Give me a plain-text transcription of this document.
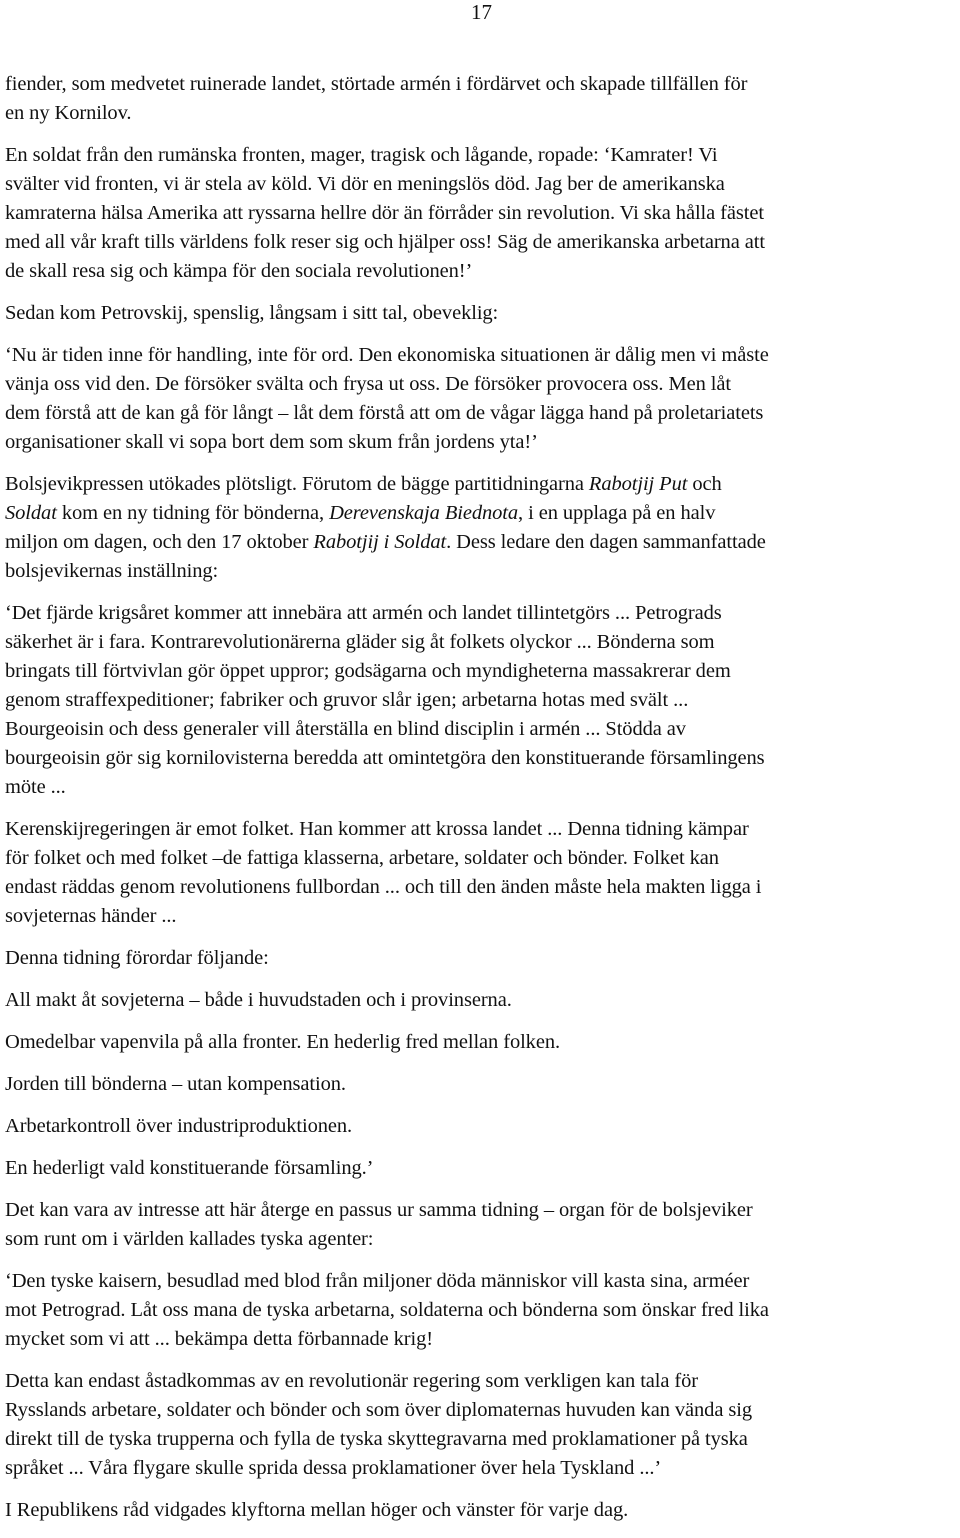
17

fiender, som medvetet ruinerade landet, störtade armén i fördärvet och skapade tillfällen för
en ny Kornilov.

En soldat från den rumänska fronten, mager, tragisk och lågande, ropade: ‘Kamrater! Vi
svälter vid fronten, vi är stela av köld. Vi dör en meningslös död. Jag ber de amerikanska
kamraterna hälsa Amerika att ryssarna hellre dör än förråder sin revolution. Vi ska hålla fästet
med all vår kraft tills världens folk reser sig och hjälper oss! Säg de amerikanska arbetarna att
de skall resa sig och kämpa för den sociala revolutionen!’

Sedan kom Petrovskij, spenslig, långsam i sitt tal, obeveklig:

‘Nu är tiden inne för handling, inte för ord. Den ekonomiska situationen är dålig men vi måste
vänja oss vid den. De försöker svälta och frysa ut oss. De försöker provocera oss. Men låt
dem förstå att de kan gå för långt – låt dem förstå att om de vågar lägga hand på proletariatets
organisationer skall vi sopa bort dem som skum från jordens yta!’

Bolsjevikpressen utökades plötsligt. Förutom de bägge partitidningarna Rabotjij Put och
Soldat kom en ny tidning för bönderna, Derevenskaja Biednota, i en upplaga på en halv
miljon om dagen, och den 17 oktober Rabotjij i Soldat. Dess ledare den dagen sammanfattade
bolsjevikernas inställning:

‘Det fjärde krigsåret kommer att innebära att armén och landet tillintetgörs ... Petrograds
säkerhet är i fara. Kontrarevolutionärerna gläder sig åt folkets olyckor ... Bönderna som
bringats till förtvivlan gör öppet uppror; godsägarna och myndigheterna massakrerar dem
genom straffexpeditioner; fabriker och gruvor slår igen; arbetarna hotas med svält ...
Bourgeoisin och dess generaler vill återställa en blind disciplin i armén ... Stödda av
bourgeoisin gör sig kornilovisterna beredda att omintetgöra den konstituerande församlingens
möte ...

Kerenskijregeringen är emot folket. Han kommer att krossa landet ... Denna tidning kämpar
för folket och med folket –de fattiga klasserna, arbetare, soldater och bönder. Folket kan
endast räddas genom revolutionens fullbordan ... och till den änden måste hela makten ligga i
sovjeternas händer ...

Denna tidning förordar följande:

All makt åt sovjeterna – både i huvudstaden och i provinserna.

Omedelbar vapenvila på alla fronter. En hederlig fred mellan folken.

Jorden till bönderna – utan kompensation.

Arbetarkontroll över industriproduktionen.

En hederligt vald konstituerande församling.’

Det kan vara av intresse att här återge en passus ur samma tidning – organ för de bolsjeviker
som runt om i världen kallades tyska agenter:

‘Den tyske kaisern, besudlad med blod från miljoner döda människor vill kasta sina, arméer
mot Petrograd. Låt oss mana de tyska arbetarna, soldaterna och bönderna som önskar fred lika
mycket som vi att ... bekämpa detta förbannade krig!

Detta kan endast åstadkommas av en revolutionär regering som verkligen kan tala för
Rysslands arbetare, soldater och bönder och som över diplomaternas huvuden kan vända sig
direkt till de tyska trupperna och fylla de tyska skyttegravarna med proklamationer på tyska
språket ... Våra flygare skulle sprida dessa proklamationer över hela Tyskland ...’

I Republikens råd vidgades klyftorna mellan höger och vänster för varje dag.
